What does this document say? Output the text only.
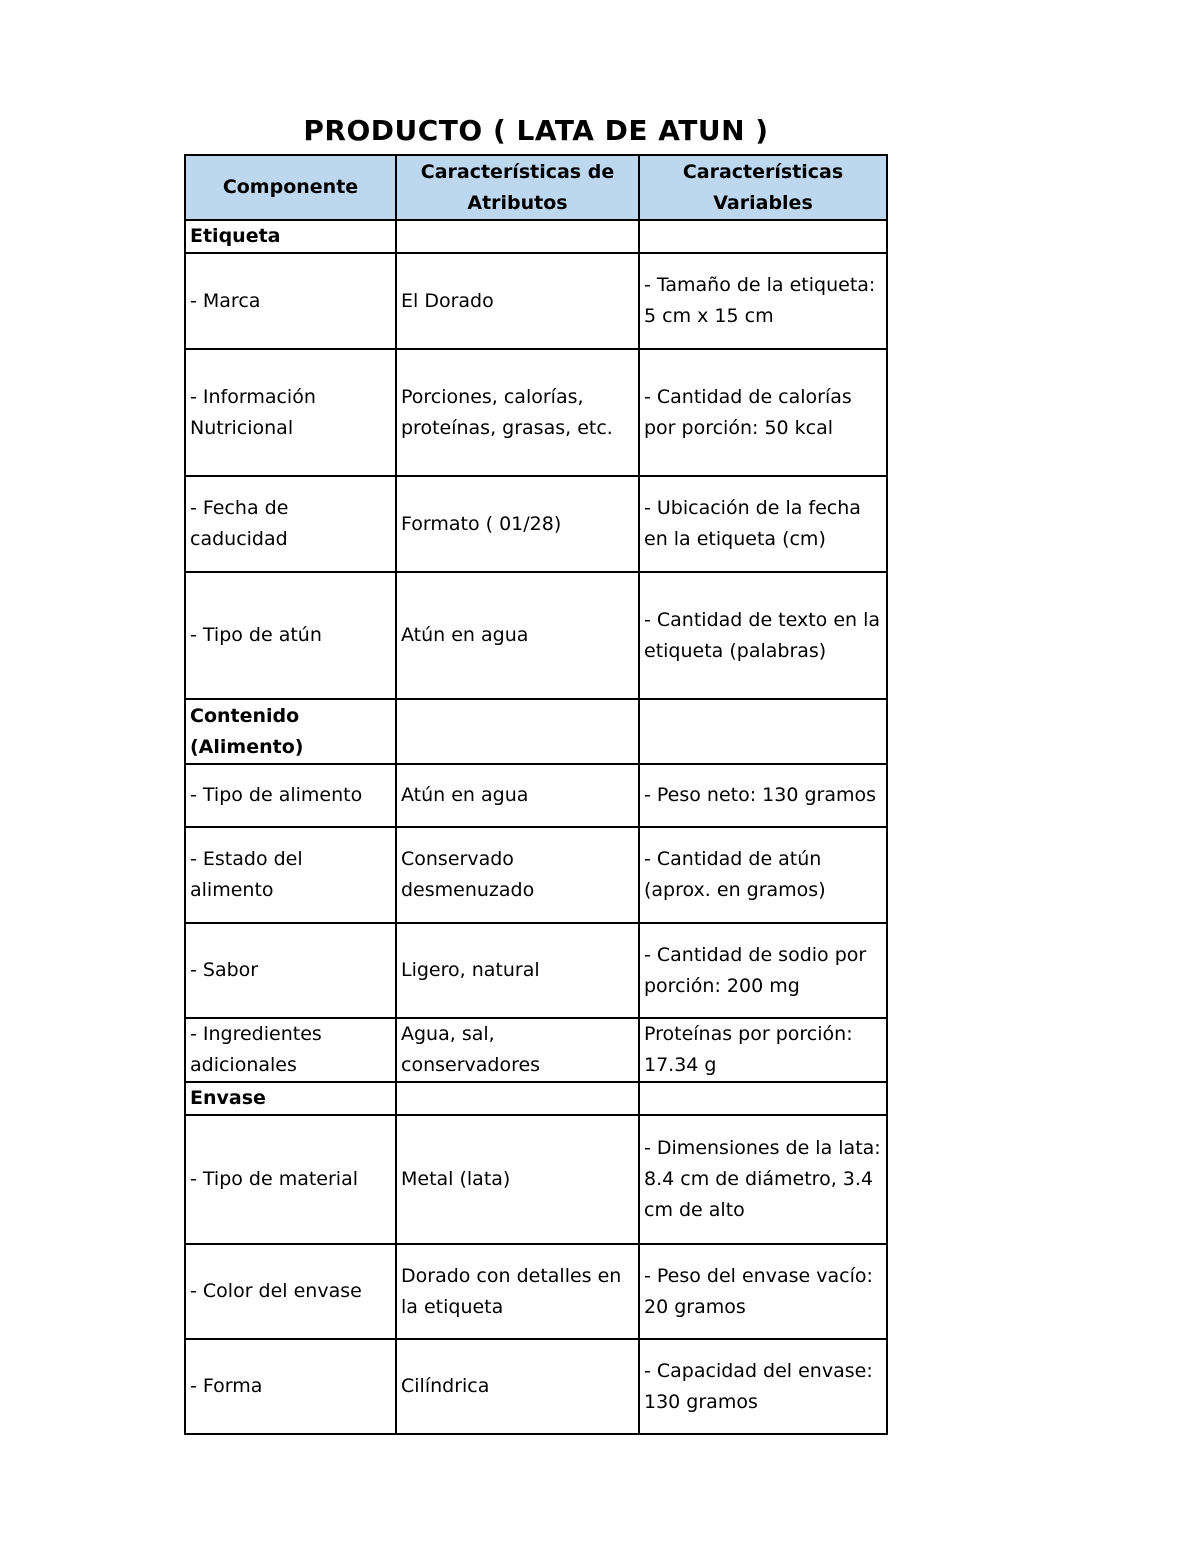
PRODUCTO ( LATA DE ATUN )
Componente	Características de Atributos	Características Variables
Etiqueta		
- Marca	El Dorado	- Tamaño de la etiqueta: 5 cm x 15 cm
- Información Nutricional	Porciones, calorías, proteínas, grasas, etc.	- Cantidad de calorías por porción: 50 kcal
- Fecha de caducidad	Formato ( 01/28)	- Ubicación de la fecha en la etiqueta (cm)
- Tipo de atún	Atún en agua	- Cantidad de texto en la etiqueta (palabras)
Contenido (Alimento)		
- Tipo de alimento	Atún en agua	- Peso neto: 130 gramos
- Estado del alimento	Conservado desmenuzado	- Cantidad de atún (aprox. en gramos)
- Sabor	Ligero, natural	- Cantidad de sodio por porción: 200 mg
- Ingredientes adicionales	Agua, sal, conservadores	Proteínas por porción: 17.34 g
Envase		
- Tipo de material	Metal (lata)	- Dimensiones de la lata: 8.4 cm de diámetro, 3.4 cm de alto
- Color del envase	Dorado con detalles en la etiqueta	- Peso del envase vacío: 20 gramos
- Forma	Cilíndrica	- Capacidad del envase: 130 gramos
